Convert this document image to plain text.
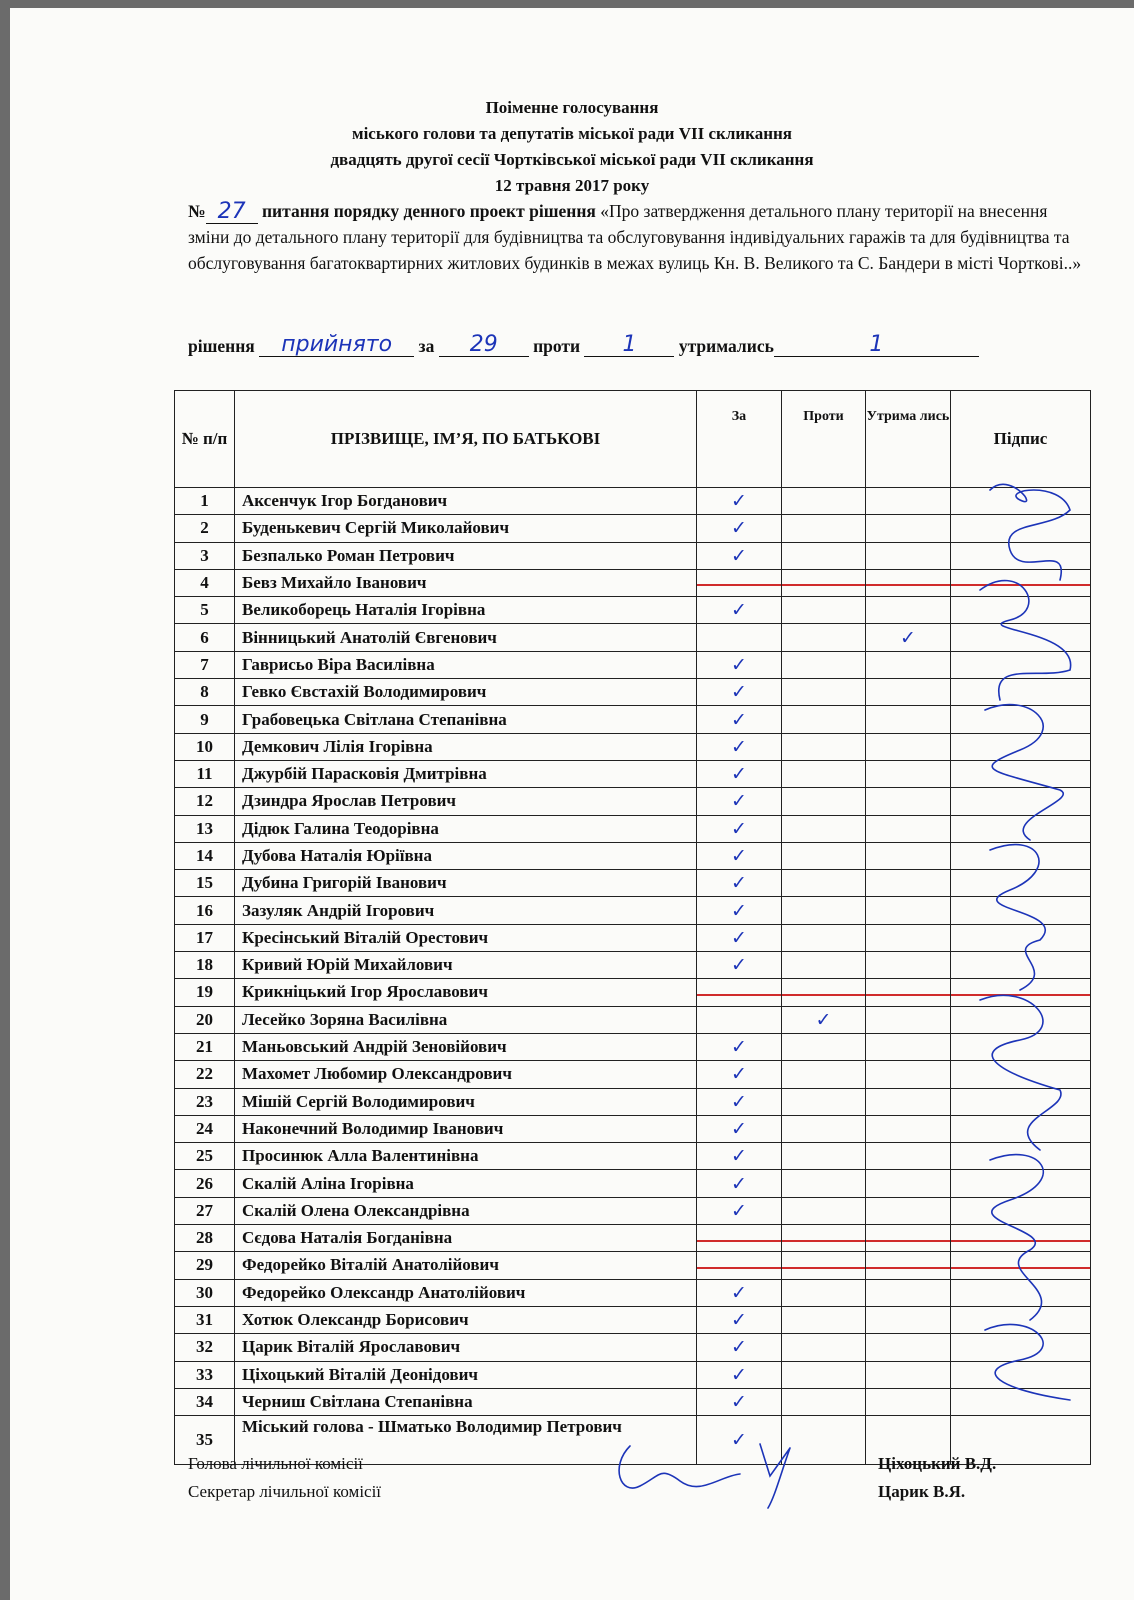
Поіменне голосування
міського голови та депутатів міської ради VII скликання
двадцять другої сесії Чортківської міської ради VII скликання
12 травня 2017 року
№ 27 питання порядку денного проект рішення «Про затвердження детального плану території на внесення зміни до детального плану території для будівництва та обслуговування індивідуальних гаражів та для будівництва та обслуговування багатоквартирних житлових будинків в межах вулиць Кн. В. Великого та С. Бандери в місті Чорткові..»
рішення прийнято за 29 проти 1 утримались	1
№ п/п	ПРІЗВИЩЕ, ІМ’Я, ПО БАТЬКОВІ	За	Проти	Утрима лись	Підпис
1	Аксенчук Ігор Богданович	✓			
2	Буденькевич Сергій Миколайович	✓			
3	Безпалько Роман Петрович	✓			
4	Бевз Михайло Іванович				
5	Великоборець Наталія Ігорівна	✓			
6	Вінницький Анатолій Євгенович			✓	
7	Гаврисьо Віра Василівна	✓			
8	Гевко Євстахій Володимирович	✓			
9	Грабовецька Світлана Степанівна	✓			
10	Демкович Лілія Ігорівна	✓			
11	Джурбій Парасковія Дмитрівна	✓			
12	Дзиндра Ярослав Петрович	✓			
13	Дідюк Галина Теодорівна	✓			
14	Дубова Наталія Юріївна	✓			
15	Дубина Григорій Іванович	✓			
16	Зазуляк Андрій Ігорович	✓			
17	Кресінський Віталій Орестович	✓			
18	Кривий Юрій Михайлович	✓			
19	Крикніцький Ігор Ярославович				
20	Лесейко Зоряна Василівна		✓		
21	Маньовський Андрій Зеновійович	✓			
22	Махомет Любомир Олександрович	✓			
23	Мішій Сергій Володимирович	✓			
24	Наконечний Володимир Іванович	✓			
25	Просинюк Алла Валентинівна	✓			
26	Скалій Аліна Ігорівна	✓			
27	Скалій Олена Олександрівна	✓			
28	Сєдова Наталія Богданівна				
29	Федорейко Віталій Анатолійович				
30	Федорейко Олександр Анатолійович	✓			
31	Хотюк Олександр Борисович	✓			
32	Царик Віталій Ярославович	✓			
33	Ціхоцький Віталій Деонідович	✓			
34	Черниш Світлана Степанівна	✓			
35	Міський голова - Шматько Володимир Петрович	✓			
Голова лічильної комісії	Ціхоцький В.Д.
Секретар лічильної комісії	Царик В.Я.
